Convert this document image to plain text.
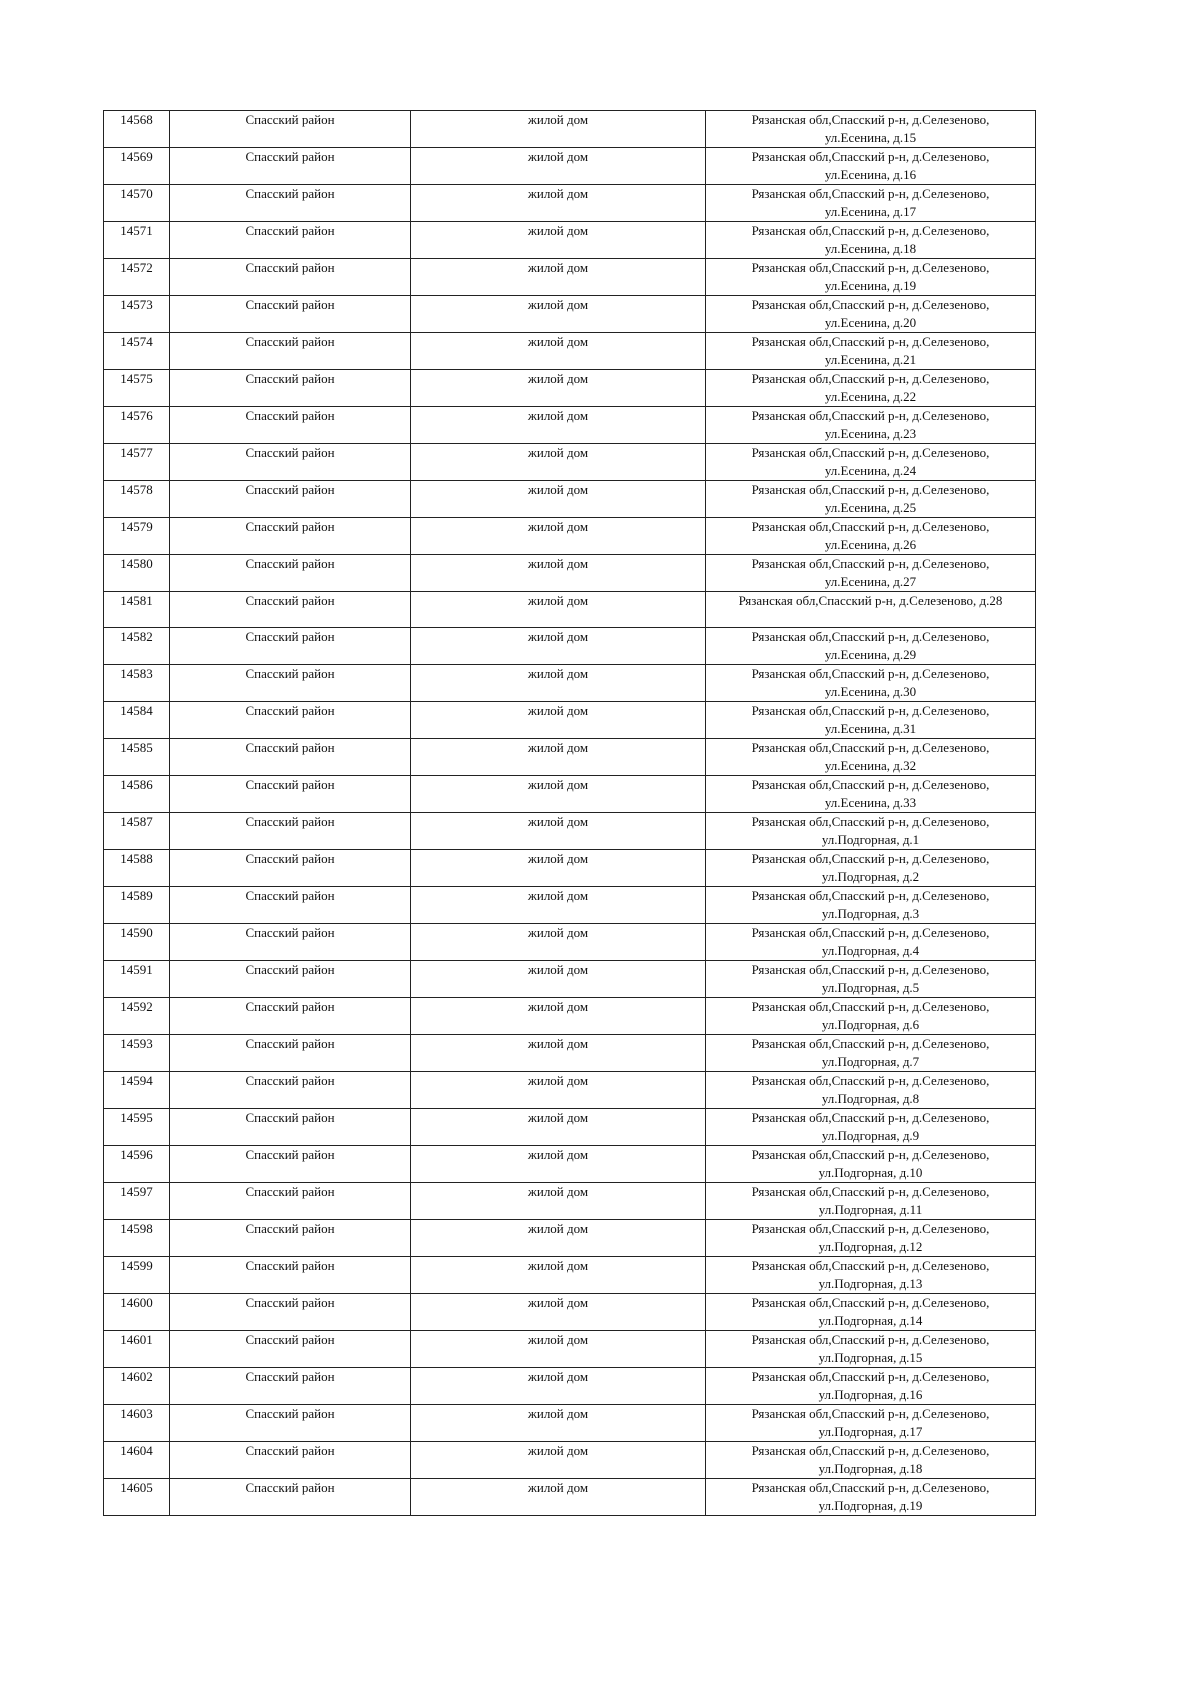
14568	Спасский район	жилой дом	Рязанская обл,Спасский р-н, д.Селезеново,
ул.Есенина, д.15

14569	Спасский район	жилой дом	Рязанская обл,Спасский р-н, д.Селезеново,
ул.Есенина, д.16

14570	Спасский район	жилой дом	Рязанская обл,Спасский р-н, д.Селезеново,
ул.Есенина, д.17

14571	Спасский район	жилой дом	Рязанская обл,Спасский р-н, д.Селезеново,
ул.Есенина, д.18

14572	Спасский район	жилой дом	Рязанская обл,Спасский р-н, д.Селезеново,
ул.Есенина, д.19

14573	Спасский район	жилой дом	Рязанская обл,Спасский р-н, д.Селезеново,
ул.Есенина, д.20

14574	Спасский район	жилой дом	Рязанская обл,Спасский р-н, д.Селезеново,
ул.Есенина, д.21

14575	Спасский район	жилой дом	Рязанская обл,Спасский р-н, д.Селезеново,
ул.Есенина, д.22

14576	Спасский район	жилой дом	Рязанская обл,Спасский р-н, д.Селезеново,
ул.Есенина, д.23

14577	Спасский район	жилой дом	Рязанская обл,Спасский р-н, д.Селезеново,
ул.Есенина, д.24

14578	Спасский район	жилой дом	Рязанская обл,Спасский р-н, д.Селезеново,
ул.Есенина, д.25

14579	Спасский район	жилой дом	Рязанская обл,Спасский р-н, д.Селезеново,
ул.Есенина, д.26

14580	Спасский район	жилой дом	Рязанская обл,Спасский р-н, д.Селезеново,
ул.Есенина, д.27

14581	Спасский район	жилой дом	Рязанская обл,Спасский р-н, д.Селезеново, д.28

14582	Спасский район	жилой дом	Рязанская обл,Спасский р-н, д.Селезеново,
ул.Есенина, д.29

14583	Спасский район	жилой дом	Рязанская обл,Спасский р-н, д.Селезеново,
ул.Есенина, д.30

14584	Спасский район	жилой дом	Рязанская обл,Спасский р-н, д.Селезеново,
ул.Есенина, д.31

14585	Спасский район	жилой дом	Рязанская обл,Спасский р-н, д.Селезеново,
ул.Есенина, д.32

14586	Спасский район	жилой дом	Рязанская обл,Спасский р-н, д.Селезеново,
ул.Есенина, д.33

14587	Спасский район	жилой дом	Рязанская обл,Спасский р-н, д.Селезеново,
ул.Подгорная, д.1

14588	Спасский район	жилой дом	Рязанская обл,Спасский р-н, д.Селезеново,
ул.Подгорная, д.2

14589	Спасский район	жилой дом	Рязанская обл,Спасский р-н, д.Селезеново,
ул.Подгорная, д.3

14590	Спасский район	жилой дом	Рязанская обл,Спасский р-н, д.Селезеново,
ул.Подгорная, д.4

14591	Спасский район	жилой дом	Рязанская обл,Спасский р-н, д.Селезеново,
ул.Подгорная, д.5

14592	Спасский район	жилой дом	Рязанская обл,Спасский р-н, д.Селезеново,
ул.Подгорная, д.6

14593	Спасский район	жилой дом	Рязанская обл,Спасский р-н, д.Селезеново,
ул.Подгорная, д.7

14594	Спасский район	жилой дом	Рязанская обл,Спасский р-н, д.Селезеново,
ул.Подгорная, д.8

14595	Спасский район	жилой дом	Рязанская обл,Спасский р-н, д.Селезеново,
ул.Подгорная, д.9

14596	Спасский район	жилой дом	Рязанская обл,Спасский р-н, д.Селезеново,
ул.Подгорная, д.10

14597	Спасский район	жилой дом	Рязанская обл,Спасский р-н, д.Селезеново,
ул.Подгорная, д.11

14598	Спасский район	жилой дом	Рязанская обл,Спасский р-н, д.Селезеново,
ул.Подгорная, д.12

14599	Спасский район	жилой дом	Рязанская обл,Спасский р-н, д.Селезеново,
ул.Подгорная, д.13

14600	Спасский район	жилой дом	Рязанская обл,Спасский р-н, д.Селезеново,
ул.Подгорная, д.14

14601	Спасский район	жилой дом	Рязанская обл,Спасский р-н, д.Селезеново,
ул.Подгорная, д.15

14602	Спасский район	жилой дом	Рязанская обл,Спасский р-н, д.Селезеново,
ул.Подгорная, д.16

14603	Спасский район	жилой дом	Рязанская обл,Спасский р-н, д.Селезеново,
ул.Подгорная, д.17

14604	Спасский район	жилой дом	Рязанская обл,Спасский р-н, д.Селезеново,
ул.Подгорная, д.18

14605	Спасский район	жилой дом	Рязанская обл,Спасский р-н, д.Селезеново,
ул.Подгорная, д.19
